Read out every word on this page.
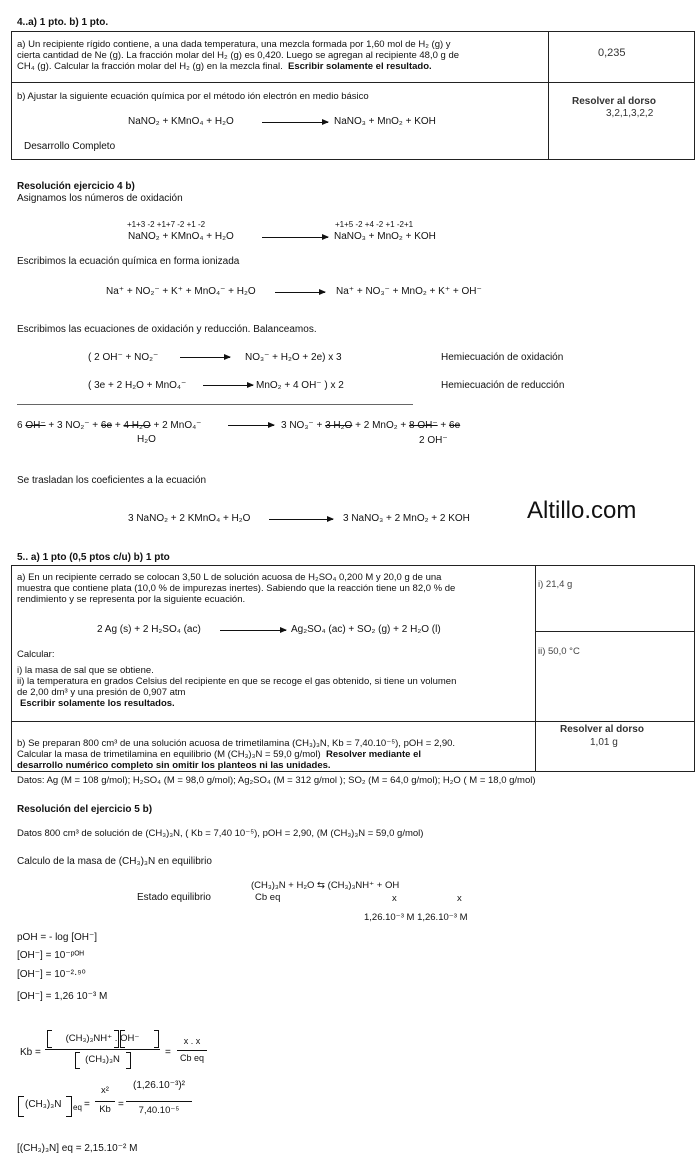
4..a) 1 pto. b) 1 pto.
a) Un recipiente rígido contiene, a una dada temperatura, una mezcla formada por 1,60 mol de H₂ (g) y
cierta cantidad de Ne (g). La fracción molar del H₂ (g) es 0,420. Luego se agregan al recipiente 48,0 g de
CH₄ (g). Calcular la fracción molar del H₂ (g) en la mezcla final. Escribir solamente el resultado.
0,235
b) Ajustar la siguiente ecuación química por el método ión electrón en medio básico
NaNO₂ + KMnO₄ + H₂O	NaNO₃ + MnO₂ + KOH
Desarrollo Completo
Resolver al dorso
3,2,1,3,2,2
Resolución ejercicio 4 b)
Asignamos los números de oxidación
+1+3 -2 +1+7 -2 +1 -2	+1+5 -2 +4 -2 +1 -2+1
NaNO₂ + KMnO₄ + H₂O	NaNO₃ + MnO₂ + KOH
Escribimos la ecuación química en forma ionizada
Na⁺ + NO₂⁻ + K⁺ + MnO₄⁻ + H₂O	Na⁺ + NO₃⁻ + MnO₂ + K⁺ + OH⁻
Escribimos las ecuaciones de oxidación y reducción. Balanceamos.
( 2 OH⁻ + NO₂⁻	NO₃⁻ + H₂O + 2e) x 3	Hemiecuación de oxidación
( 3e + 2 H₂O + MnO₄⁻	MnO₂ + 4 OH⁻ ) x 2	Hemiecuación de reducción
6 OH⁻ + 3 NO₂⁻ + 6e + 4 H₂O + 2 MnO₄⁻
H₂O
3 NO₃⁻ + 3 H₂O + 2 MnO₂ + 8 OH⁻ + 6e
2 OH⁻
Se trasladan los coeficientes a la ecuación
3 NaNO₂ + 2 KMnO₄ + H₂O	3 NaNO₃ + 2 MnO₂ + 2 KOH Altillo.com
5.. a) 1 pto (0,5 ptos c/u) b) 1 pto
a) En un recipiente cerrado se colocan 3,50 L de solución acuosa de H₂SO₄ 0,200 M y 20,0 g de una
muestra que contiene plata (10,0 % de impurezas inertes). Sabiendo que la reacción tiene un 82,0 % de
rendimiento y se representa por la siguiente ecuación.
2 Ag (s) + 2 H₂SO₄ (ac)	Ag₂SO₄ (ac) + SO₂ (g) + 2 H₂O (l)
Calcular:
i) la masa de sal que se obtiene.
ii) la temperatura en grados Celsius del recipiente en que se recoge el gas obtenido, si tiene un volumen
de 2,00 dm³ y una presión de 0,907 atm
Escribir solamente los resultados.
i) 21,4 g
ii) 50,0 °C
b) Se preparan 800 cm³ de una solución acuosa de trimetilamina (CH₃)₃N, Kb = 7,40.10⁻⁵), pOH = 2,90.
Calcular la masa de trimetilamina en equilibrio (M (CH₃)₃N = 59,0 g/mol) Resolver mediante el
desarrollo numérico completo sin omitir los planteos ni las unidades.
Resolver al dorso
1,01 g
Datos: Ag (M = 108 g/mol); H₂SO₄ (M = 98,0 g/mol); Ag₂SO₄ (M = 312 g/mol ); SO₂ (M = 64,0 g/mol); H₂O ( M = 18,0 g/mol)
Resolución del ejercicio 5 b)
Datos 800 cm³ de solución de (CH₃)₃N, ( Kb = 7,40 10⁻⁵), pOH = 2,90, (M (CH₃)₃N = 59,0 g/mol)
Calculo de la masa de (CH₃)₃N en equilibrio
(CH₃)₃N + H₂O ⇆ (CH₃)₃NH⁺ + OH
Estado equilibrio	Cb eq	x	x
1,26.10⁻³ M 1,26.10⁻³ M
pOH = - log [OH⁻]
[OH⁻] = 10⁻ᵖᴼᴴ
[OH⁻] = 10⁻²·⁹⁰
[OH⁻] = 1,26 10⁻³ M
Kb =
(CH₃)₃NH⁺ . OH⁻
(CH₃)₃N
=
x . x
Cb eq
(CH₃)₃N eq =
x²
Kb =
(1,26.10⁻³)²
7,40.10⁻⁵
[(CH₃)₃N] eq = 2,15.10⁻² M
